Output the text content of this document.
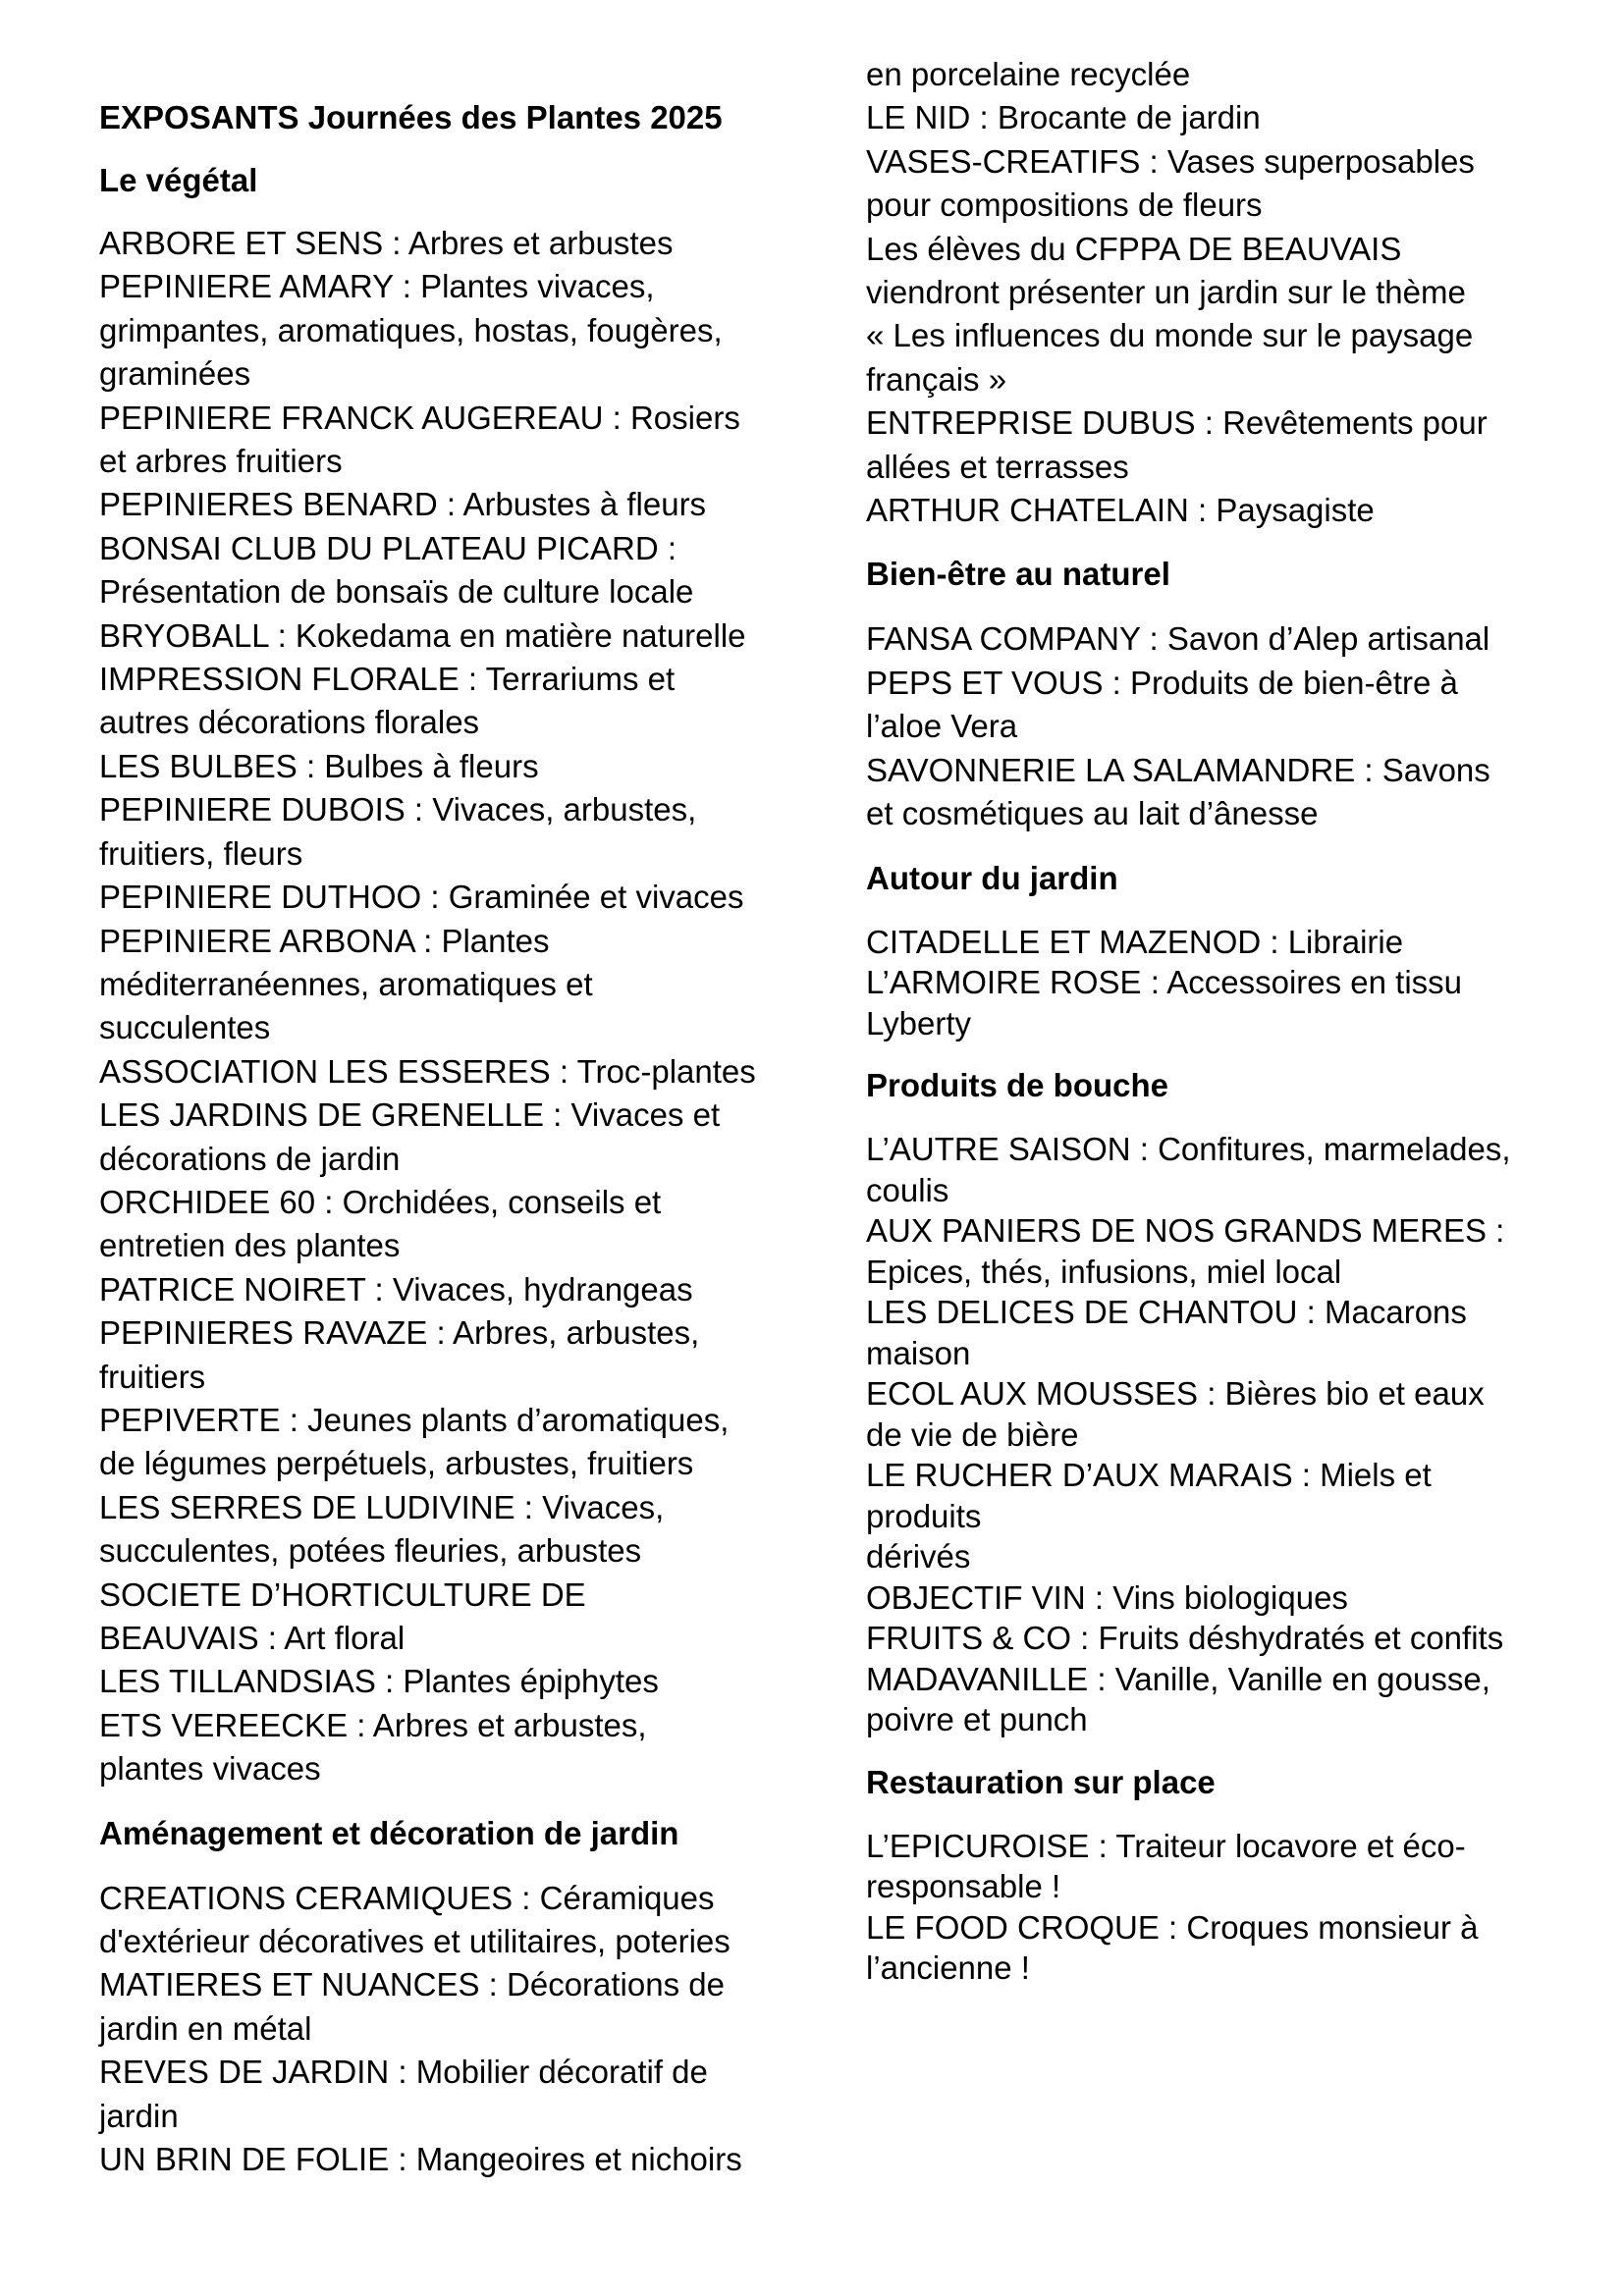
EXPOSANTS Journées des Plantes 2025

Le végétal

ARBORE ET SENS : Arbres et arbustes
PEPINIERE AMARY : Plantes vivaces,
grimpantes, aromatiques, hostas, fougères,
graminées
PEPINIERE FRANCK AUGEREAU : Rosiers
et arbres fruitiers
PEPINIERES BENARD : Arbustes à fleurs
BONSAI CLUB DU PLATEAU PICARD :
Présentation de bonsaïs de culture locale
BRYOBALL : Kokedama en matière naturelle
IMPRESSION FLORALE : Terrariums et
autres décorations florales
LES BULBES : Bulbes à fleurs
PEPINIERE DUBOIS : Vivaces, arbustes,
fruitiers, fleurs
PEPINIERE DUTHOO : Graminée et vivaces
PEPINIERE ARBONA : Plantes
méditerranéennes, aromatiques et
succulentes
ASSOCIATION LES ESSERES : Troc-plantes
LES JARDINS DE GRENELLE : Vivaces et
décorations de jardin
ORCHIDEE 60 : Orchidées, conseils et
entretien des plantes
PATRICE NOIRET : Vivaces, hydrangeas
PEPINIERES RAVAZE : Arbres, arbustes,
fruitiers
PEPIVERTE : Jeunes plants d’aromatiques,
de légumes perpétuels, arbustes, fruitiers
LES SERRES DE LUDIVINE : Vivaces,
succulentes, potées fleuries, arbustes
SOCIETE D’HORTICULTURE DE
BEAUVAIS : Art floral
LES TILLANDSIAS : Plantes épiphytes
ETS VEREECKE : Arbres et arbustes,
plantes vivaces

Aménagement et décoration de jardin

CREATIONS CERAMIQUES : Céramiques
d'extérieur décoratives et utilitaires, poteries
MATIERES ET NUANCES : Décorations de
jardin en métal
REVES DE JARDIN : Mobilier décoratif de
jardin
UN BRIN DE FOLIE : Mangeoires et nichoirs
en porcelaine recyclée
LE NID : Brocante de jardin
VASES-CREATIFS : Vases superposables
pour compositions de fleurs
Les élèves du CFPPA DE BEAUVAIS
viendront présenter un jardin sur le thème
« Les influences du monde sur le paysage
français »
ENTREPRISE DUBUS : Revêtements pour
allées et terrasses
ARTHUR CHATELAIN : Paysagiste

Bien-être au naturel

FANSA COMPANY : Savon d’Alep artisanal
PEPS ET VOUS : Produits de bien-être à
l’aloe Vera
SAVONNERIE LA SALAMANDRE : Savons
et cosmétiques au lait d’ânesse

Autour du jardin

CITADELLE ET MAZENOD : Librairie
L’ARMOIRE ROSE : Accessoires en tissu
Lyberty

Produits de bouche

L’AUTRE SAISON : Confitures, marmelades,
coulis
AUX PANIERS DE NOS GRANDS MERES :
Epices, thés, infusions, miel local
LES DELICES DE CHANTOU : Macarons
maison
ECOL AUX MOUSSES : Bières bio et eaux
de vie de bière
LE RUCHER D’AUX MARAIS : Miels et
produits
dérivés
OBJECTIF VIN : Vins biologiques
FRUITS & CO : Fruits déshydratés et confits
MADAVANILLE : Vanille, Vanille en gousse,
poivre et punch

Restauration sur place

L’EPICUROISE : Traiteur locavore et éco-
responsable !
LE FOOD CROQUE : Croques monsieur à
l’ancienne !
